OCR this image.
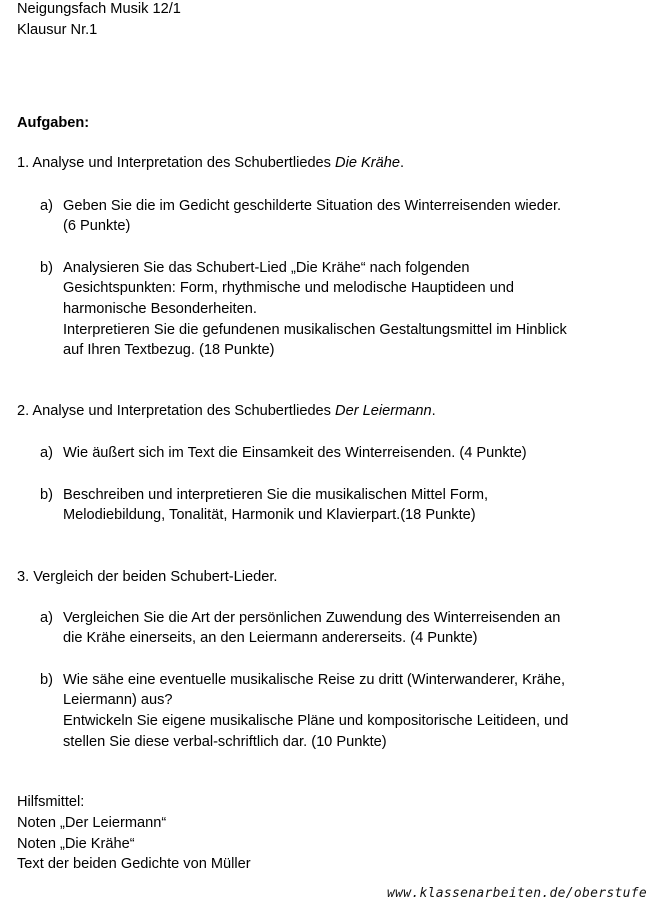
Neigungsfach Musik 12/1
Klausur Nr.1
Aufgaben:
1. Analyse und Interpretation des Schubertliedes Die Krähe.
a) Geben Sie die im Gedicht geschilderte Situation des Winterreisenden wieder.
(6 Punkte)
b) Analysieren Sie das Schubert-Lied „Die Krähe“ nach folgenden
Gesichtspunkten: Form, rhythmische und melodische Hauptideen und
harmonische Besonderheiten.
Interpretieren Sie die gefundenen musikalischen Gestaltungsmittel im Hinblick
auf Ihren Textbezug. (18 Punkte)
2. Analyse und Interpretation des Schubertliedes Der Leiermann.
a) Wie äußert sich im Text die Einsamkeit des Winterreisenden. (4 Punkte)
b) Beschreiben und interpretieren Sie die musikalischen Mittel Form,
Melodiebildung, Tonalität, Harmonik und Klavierpart.(18 Punkte)
3. Vergleich der beiden Schubert-Lieder.
a) Vergleichen Sie die Art der persönlichen Zuwendung des Winterreisenden an
die Krähe einerseits, an den Leiermann andererseits. (4 Punkte)
b) Wie sähe eine eventuelle musikalische Reise zu dritt (Winterwanderer, Krähe,
Leiermann) aus?
Entwickeln Sie eigene musikalische Pläne und kompositorische Leitideen, und
stellen Sie diese verbal-schriftlich dar. (10 Punkte)
Hilfsmittel:
Noten „Der Leiermann“
Noten „Die Krähe“
Text der beiden Gedichte von Müller
www.klassenarbeiten.de/oberstufe
